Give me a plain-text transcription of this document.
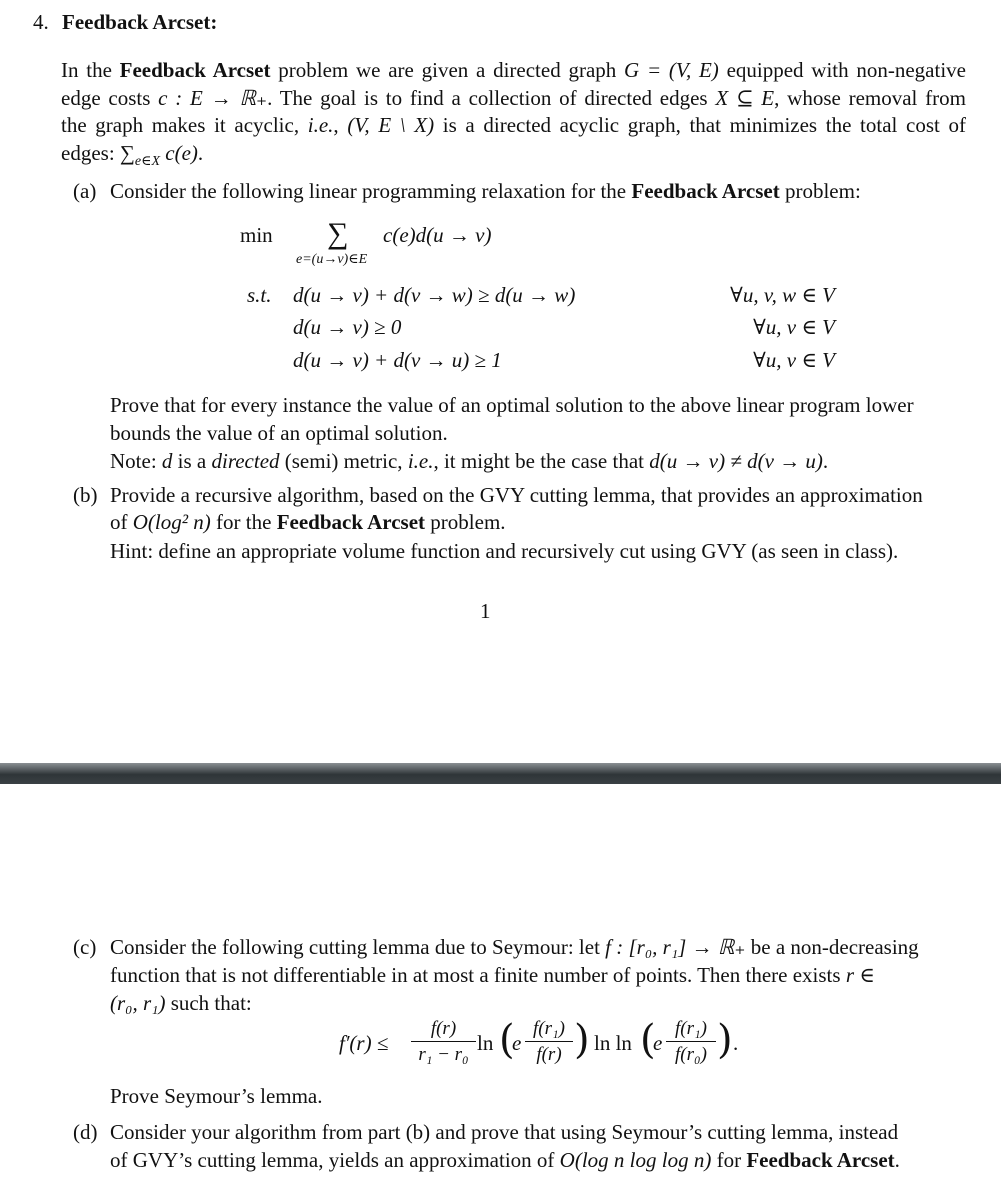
4. Feedback Arcset:
In the Feedback Arcset problem we are given a directed graph G = (V, E) equipped with non-negative
edge costs c : E → ℝ₊. The goal is to find a collection of directed edges X ⊆ E, whose removal from
the graph makes it acyclic, i.e., (V, E \ X) is a directed acyclic graph, that minimizes the total cost of
edges: $\sum_{e\in X}$ c(e).
(a) Consider the following linear programming relaxation for the Feedback Arcset problem:
min ∑ c(e)d(u → v)
e=(u→v)∈E
s.t. d(u → v) + d(v → w) ≥ d(u → w)	∀u, v, w ∈ V
d(u → v) ≥ 0	∀u, v ∈ V
d(u → v) + d(v → u) ≥ 1	∀u, v ∈ V
Prove that for every instance the value of an optimal solution to the above linear program lower
bounds the value of an optimal solution.
Note: d is a directed (semi) metric, i.e., it might be the case that d(u → v) ≠ d(v → u).
(b) Provide a recursive algorithm, based on the GVY cutting lemma, that provides an approximation
of O(log² n) for the Feedback Arcset problem.
Hint: define an appropriate volume function and recursively cut using GVY (as seen in class).
1
(c) Consider the following cutting lemma due to Seymour: let f : [r₀, r₁] → ℝ₊ be a non-decreasing
function that is not differentiable in at most a finite number of points. Then there exists r ∈
(r₀, r₁) such that:
f′(r) ≤
f(r)
r₁ − r₀ ln (
e
f(r₁)
f(r) ) ln ln (
e
f(r₁)
f(r₀) ) .
Prove Seymour’s lemma.
(d) Consider your algorithm from part (b) and prove that using Seymour’s cutting lemma, instead
of GVY’s cutting lemma, yields an approximation of O(log n log log n) for Feedback Arcset.
